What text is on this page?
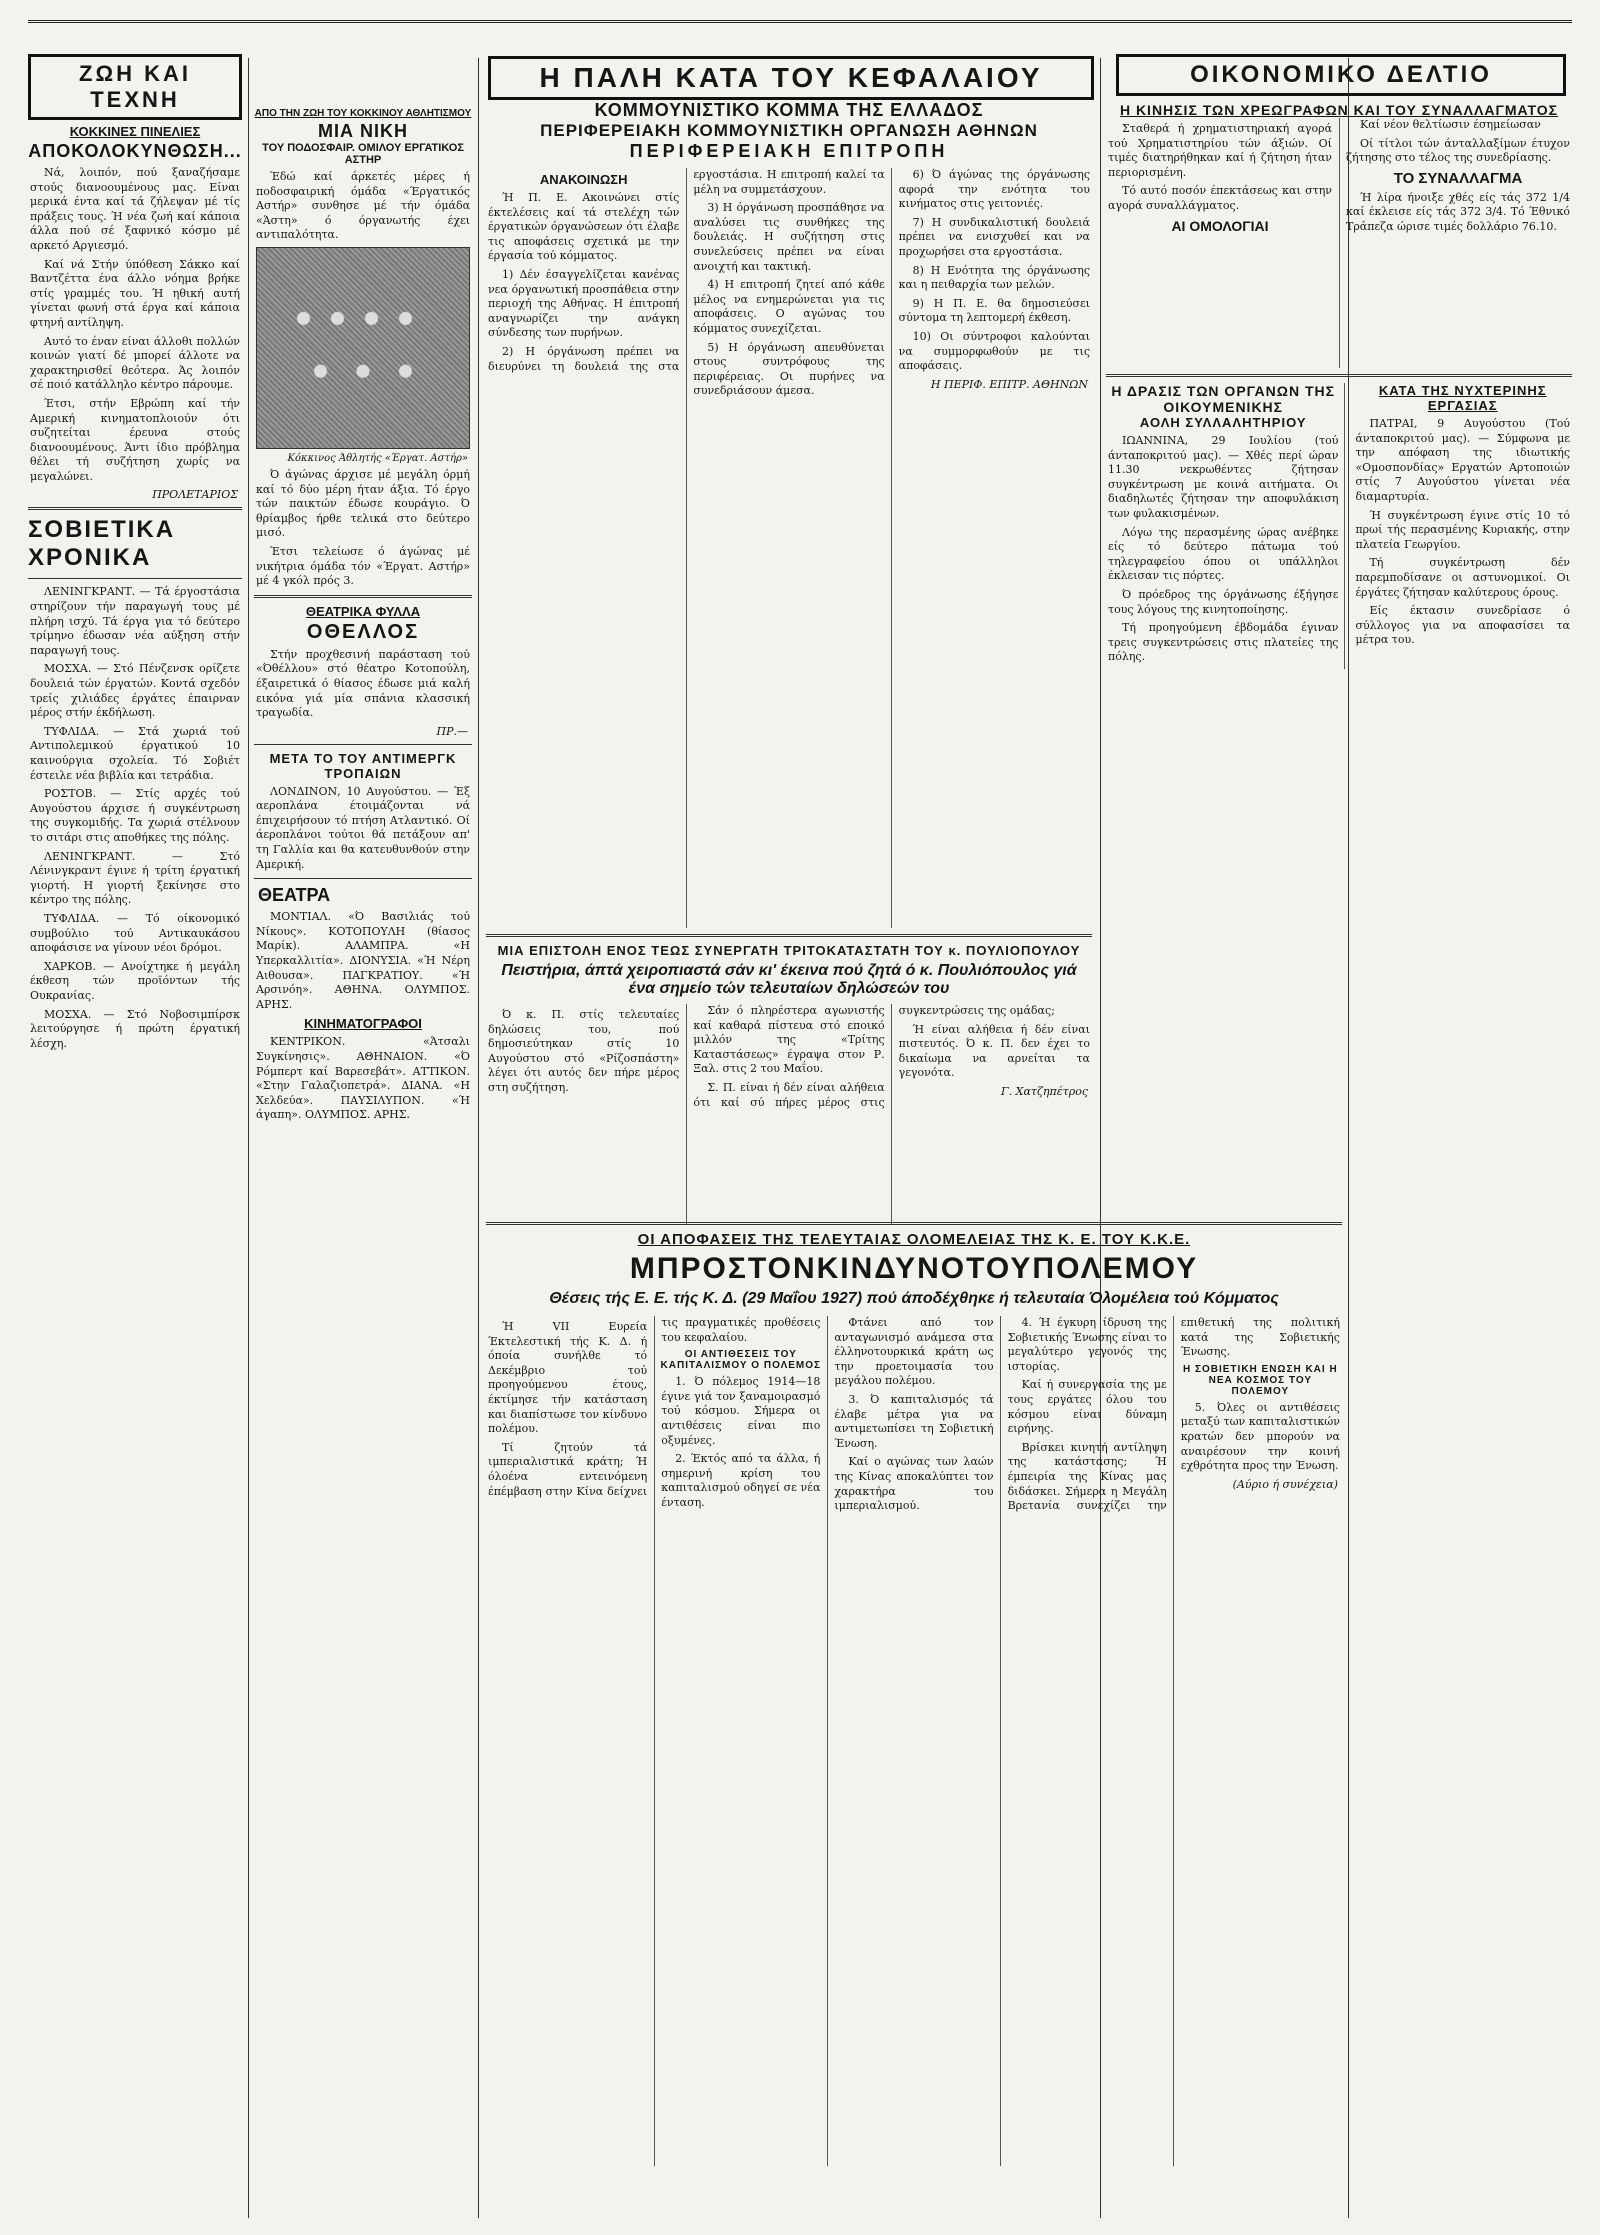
ΖΩΗ ΚΑΙ ΤΕΧΝΗ
ΚΟΚΚΙΝΕΣ ΠΙΝΕΛΙΕΣ
ΑΠΟΚΟΛΟΚΥΝΘΩΣΗ...

Νά, λοιπόν, πού ξαναζήσαμε στούς διανοουμένους μας. Είναι μερικά έντα καί τά ζήλεψαν μέ τίς πράξεις τους. Ή νέα ζωή καί κάποια άλλα πού σέ ξαφνικό κόσμο μέ αρκετό Αργιεσμό.

Καί νά Στήν ύπόθεση Σάκκο καί Βαντζέττα ένα άλλο νόημα βρήκε στίς γραμμές του. Ή ηθική αυτή γίνεται φωνή στά έργα καί κάποια φτηνή αντίληψη.

Αυτό το έναν είναι άλλοθι πολλών κοινών γιατί δέ μπορεί άλλοτε να χαρακτηρισθεί θεότερα. Άς λοιπόν σέ ποιό κατάλληλο κέντρο πάρουμε.

Έτσι, στήν Εβρώπη καί τήν Αμερική κινηματοπλοιούν ότι συζητείται έρευνα στούς διανοουμένους. Άντι ίδιο πρόβλημα θέλει τή συζήτηση χωρίς να μεγαλώνει.

ΠΡΟΛΕΤΑΡΙΟΣ
ΣΟΒΙΕΤΙΚΑ ΧΡΟΝΙΚΑ

ΛΕΝΙΝΓΚΡΑΝΤ. — Τά έργοστάσια στηρίζουν τήν παραγωγή τους μέ πλήρη ισχύ. Τά έργα για τό δεύτερο τρίμηνο έδωσαν νέα αύξηση στήν παραγωγή τους.

ΜΟΣΧΑ. — Στό Πένζενσκ ορίζετε δουλειά τών έργατών. Κοντά σχεδόν τρείς χιλιάδες έργάτες έπαιρναν μέρος στήν έκδήλωση.

ΤΥΦΛΙΔΑ. — Στά χωριά τού Αντιπολεμικού έργατικού 10 καινούργια σχολεία. Τό Σοβιέτ έστειλε νέα βιβλία και τετράδια.

ΡΟΣΤΟΒ. — Στίς αρχές τού Αυγούστου άρχισε ή συγκέντρωση της συγκομιδής. Τα χωριά στέλνουν το σιτάρι στις αποθήκες της πόλης.

ΛΕΝΙΝΓΚΡΑΝΤ. — Στό Λένινγκραντ έγινε ή τρίτη έργατική γιορτή. Η γιορτή ξεκίνησε στο κέντρο της πόλης.

ΤΥΦΛΙΔΑ. — Τό οίκονομικό συμβούλιο τού Αντικαυκάσου αποφάσισε να γίνουν νέοι δρόμοι.

ΧΑΡΚΟΒ. — Ανοίχτηκε ή μεγάλη έκθεση τών προϊόντων τής Ουκρανίας.

ΜΟΣΧΑ. — Στό Νοβοσιμπίρσκ λειτούργησε ή πρώτη έργατική λέσχη.

Η ΠΑΛΗ ΚΑΤΑ ΤΟΥ ΚΕΦΑΛΑΙΟΥ
ΑΠΟ ΤΗΝ ΖΩΗ ΤΟΥ ΚΟΚΚΙΝΟΥ ΑΘΛΗΤΙΣΜΟΥ
ΜΙΑ ΝΙΚΗ
ΤΟΥ ΠΟΔΟΣΦΑΙΡ. ΟΜΙΛΟΥ ΕΡΓΑΤΙΚΟΣ ΑΣΤΗΡ

Έδώ καί άρκετές μέρες ή ποδοσφαιρική όμάδα «Έργατικός Αστήρ» συνθησε μέ τήν όμάδα «Άστη» ό όργανωτής έχει αντιπαλότητα.

Κόκκινος Άθλητής «Έργατ. Αστήρ»

Ό άγώνας άρχισε μέ μεγάλη όρμή καί τό δύο μέρη ήταν άξια. Τό έργο τών παικτών έδωσε κουράγιο. Ό θρίαμβος ήρθε τελικά στο δεύτερο μισό.

Έτσι τελείωσε ό άγώνας μέ νικήτρια όμάδα τόν «Έργατ. Αστήρ» μέ 4 γκόλ πρός 3.

ΘΕΑΤΡΙΚΑ ΦΥΛΛΑ
ΟΘΕΛΛΟΣ

Στήν προχθεσινή παράσταση τού «Όθέλλου» στό θέατρο Κοτοπούλη, έξαιρετικά ό θίασος έδωσε μιά καλή εικόνα γιά μία σπάνια κλασσική τραγωδία.

ΠΡ.—
ΜΕΤΑ ΤΟ ΤΟΥ ΑΝΤΙΜΕΡΓΚ ΤΡΟΠΑΙΩΝ

ΛΟΝΔΙΝΟΝ, 10 Αυγούστου. — Έξ αεροπλάνα έτοιμάζονται νά έπιχειρήσουν τό πτήση Ατλαντικό. Οί άεροπλάνοι τούτοι θά πετάξουν απ' τη Γαλλία και θα κατευθυνθούν στην Αμερική.

ΘΕΑΤΡΑ

ΜΟΝΤΙΑΛ. «Ό Βασιλιάς τού Νίκους». ΚΟΤΟΠΟΥΛΗ (θίασος Μαρίκ). ΑΛΑΜΠΡΑ. «Η Υπερκαλλιτία». ΔΙΟΝΥΣΙΑ. «Ή Νέρη Αιθουσα». ΠΑΓΚΡΑΤΙΟΥ. «Ή Αρσινόη». ΑΘΗΝΑ. ΟΛΥΜΠΟΣ. ΑΡΗΣ.

ΚΙΝΗΜΑΤΟΓΡΑΦΟΙ

ΚΕΝΤΡΙΚΟΝ. «Άτσαλι Συγκίνησις». ΑΘΗΝΑΙΟΝ. «Ό Ρόμπερτ καί Βαρεσεβάτ». ΑΤΤΙΚΟΝ. «Στην Γαλαζιοπετρά». ΔΙΑΝΑ. «Η Χελδεύα». ΠΑΥΣΙΛΥΠΟΝ. «Ή άγαπη». ΟΛΥΜΠΟΣ. ΑΡΗΣ.

ΚΟΜΜΟΥΝΙΣΤΙΚΟ ΚΟΜΜΑ ΤΗΣ ΕΛΛΑΔΟΣ
ΠΕΡΙΦΕΡΕΙΑΚΗ ΚΟΜΜΟΥΝΙΣΤΙΚΗ ΟΡΓΑΝΩΣΗ ΑΘΗΝΩΝ
ΠΕΡΙΦΕΡΕΙΑΚΗ ΕΠΙΤΡΟΠΗ
ΑΝΑΚΟΙΝΩΣΗ

Ή Π. Ε. Ακοινώνει στίς έκτελέσεις καί τά στελέχη τών έργατικών όργανώσεων ότι έλαβε τις αποφάσεις σχετικά με την έργασία τού κόμματος.

1) Δέν έσαγγελίζεται κανένας νεα όργανωτική προσπάθεια στην περιοχή της Αθήνας. Η έπιτροπή αναγνωρίζει την ανάγκη σύνδεσης των πυρήνων.

2) Η όργάνωση πρέπει να διευρύνει τη δουλειά της στα εργοστάσια. Η επιτροπή καλεί τα μέλη να συμμετάσχουν.

3) Η όργάνωση προσπάθησε να αναλύσει τις συνθήκες της δουλειάς. Η συζήτηση στις συνελεύσεις πρέπει να είναι ανοιχτή και τακτική.

4) Η επιτροπή ζητεί από κάθε μέλος να ενημερώνεται για τις αποφάσεις. Ο αγώνας του κόμματος συνεχίζεται.

5) Η όργάνωση απευθύνεται στους συντρόφους της περιφέρειας. Οι πυρήνες να συνεδριάσουν άμεσα.

6) Ό άγώνας της όργάνωσης αφορά την ενότητα του κινήματος στις γειτονιές.

7) Η συνδικαλιστική δουλειά πρέπει να ενισχυθεί και να προχωρήσει στα εργοστάσια.

8) Η Ενότητα της όργάνωσης και η πειθαρχία των μελών.

9) Η Π. Ε. θα δημοσιεύσει σύντομα τη λεπτομερή έκθεση.

10) Οι σύντροφοι καλούνται να συμμορφωθούν με τις αποφάσεις.

Η ΠΕΡΙΦ. ΕΠΙΤΡ. ΑΘΗΝΩΝ
ΜΙΑ ΕΠΙΣΤΟΛΗ ΕΝΟΣ ΤΕΩΣ ΣΥΝΕΡΓΑΤΗ ΤΡΙΤΟΚΑΤΑΣΤΑΤΗ ΤΟΥ κ. ΠΟΥΛΙΟΠΟΥΛΟΥ
Πειστήρια, άπτά χειροπιαστά σάν κι' έκεινα πού ζητά ό κ. Πουλιόπουλος γιά ένα σημείο τών τελευταίων δηλώσεών του

Ό κ. Π. στίς τελευταίες δηλώσεις του, πού δημοσιεύτηκαν στίς 10 Αυγούστου στό «Ρίζοσπάστη» λέγει ότι αυτός δεν πήρε μέρος στη συζήτηση.

Σάν ό πληρέστερα αγωνιστής καί καθαρά πίστευα στό εποικό μιλλόν της «Τρίτης Καταστάσεως» έγραψα στον Ρ. Ξαλ. στις 2 του Μαΐου.

Σ. Π. είναι ή δέν είναι αλήθεια ότι καί σύ πήρες μέρος στις συγκεντρώσεις της ομάδας;

Ή είναι αλήθεια ή δέν είναι πιστευτός. Ό κ. Π. δεν έχει το δικαίωμα να αρνείται τα γεγονότα.

Γ. Χατζηπέτρος
ΟΙ ΑΠΟΦΑΣΕΙΣ ΤΗΣ ΤΕΛΕΥΤΑΙΑΣ ΟΛΟΜΕΛΕΙΑΣ ΤΗΣ Κ. Ε. ΤΟΥ Κ.Κ.Ε.
ΜΠΡΟΣΤΟΝΚΙΝΔΥΝΟΤΟΥΠΟΛΕΜΟΥ
Θέσεις τής Ε. Ε. τής Κ. Δ. (29 Μαΐου 1927) πού άποδέχθηκε ή τελευταία Όλομέλεια τού Κόμματος

Ή VII Ευρεία Έκτελεστική τής Κ. Δ. ή όποία συνήλθε τό Δεκέμβριο τού προηγούμενου έτους, έκτίμησε τήν κατάσταση και διαπίστωσε τον κίνδυνο πολέμου.

Τί ζητούν τά ιμπεριαλιστικά κράτη; Ή όλοένα εντεινόμενη έπέμβαση στην Κίνα δείχνει τις πραγματικές προθέσεις του κεφαλαίου.

ΟΙ ΑΝΤΙΘΕΣΕΙΣ ΤΟΥ ΚΑΠΙΤΑΛΙΣΜΟΥ Ο ΠΟΛΕΜΟΣ

1. Ό πόλεμος 1914—18 έγινε γιά τον ξαναμοιρασμό τού κόσμου. Σήμερα οι αντιθέσεις είναι πιο οξυμένες.

2. Έκτός από τα άλλα, ή σημερινή κρίση του καπιταλισμού οδηγεί σε νέα ένταση.

Φτάνει από τον ανταγωνισμό ανάμεσα στα έλληνοτουρκικά κράτη ως την προετοιμασία του μεγάλου πολέμου.

3. Ό καπιταλισμός τά έλαβε μέτρα για να αντιμετωπίσει τη Σοβιετική Ένωση.

Καί ο αγώνας των λαών της Κίνας αποκαλύπτει τον χαρακτήρα του ιμπεριαλισμού.

4. Ή έγκυρη ίδρυση της Σοβιετικής Ένωσης είναι το μεγαλύτερο γεγονός της ιστορίας.

Καί ή συνεργασία της με τους εργάτες όλου του κόσμου είναι δύναμη ειρήνης.

Βρίσκει κινητή αντίληψη της κατάστασης; Ή έμπειρία της Κίνας μας διδάσκει. Σήμερα η Μεγάλη Βρετανία συνεχίζει την επιθετική της πολιτική κατά της Σοβιετικής Ένωσης.

Η ΣΟΒΙΕΤΙΚΗ ΕΝΩΣΗ ΚΑΙ Η ΝΕΑ ΚΟΣΜΟΣ ΤΟΥ ΠΟΛΕΜΟΥ

5. Όλες οι αντιθέσεις μεταξύ των καπιταλιστικών κρατών δεν μπορούν να αναιρέσουν την κοινή εχθρότητα προς την Ένωση.

(Αύριο ή συνέχεια)
ΟΙΚΟΝΟΜΙΚΟ ΔΕΛΤΙΟ
Η ΚΙΝΗΣΙΣ ΤΩΝ ΧΡΕΩΓΡΑΦΩΝ ΚΑΙ ΤΟΥ ΣΥΝΑΛΛΑΓΜΑΤΟΣ

Σταθερά ή χρηματιστηριακή αγορά τού Χρηματιστηρίου τών άξιών. Οί τιμές διατηρήθηκαν καί ή ζήτηση ήταν περιορισμένη.

Τό αυτό ποσόν έπεκτάσεως και στην αγορά συναλλάγματος.

ΑΙ ΟΜΟΛΟΓΙΑΙ

Καί νέον θελτίωσιν έσημείωσαν

Οί τίτλοι τών άνταλλαξίμων έτυχον ζήτησης στο τέλος της συνεδρίασης.

ΤΟ ΣΥΝΑΛΛΑΓΜΑ

Ή λίρα ήνοιξε χθές είς τάς 372 1/4 καί έκλεισε είς τάς 372 3/4. Τό Έθνικό Τράπεζα ώρισε τιμές δολλάριο 76.10.

Η ΔΡΑΣΙΣ ΤΩΝ ΟΡΓΑΝΩΝ ΤΗΣ ΟΙΚΟΥΜΕΝΙΚΗΣ
ΑΟΛΗ ΣΥΛΛΑΛΗΤΗΡΙΟΥ

ΙΩΑΝΝΙΝΑ, 29 Ιουλίου (τού άνταποκριτού μας). — Χθές περί ώραν 11.30 νεκρωθέντες ζήτησαν συγκέντρωση με κοινά αιτήματα. Οι διαδηλωτές ζήτησαν την αποφυλάκιση των φυλακισμένων.

Λόγω της περασμένης ώρας ανέβηκε είς τό δεύτερο πάτωμα τού τηλεγραφείου όπου οι υπάλληλοι έκλεισαν τις πόρτες.

Ό πρόεδρος της όργάνωσης έξήγησε τους λόγους της κινητοποίησης.

Τή προηγούμενη έβδομάδα έγιναν τρεις συγκεντρώσεις στις πλατείες της πόλης.

ΚΑΤΑ ΤΗΣ ΝΥΧΤΕΡΙΝΗΣ ΕΡΓΑΣΙΑΣ

ΠΑΤΡΑΙ, 9 Αυγούστου (Τού άνταποκριτού μας). — Σύμφωνα με την απόφαση της ιδιωτικής «Ομοσπονδίας» Εργατών Αρτοποιών στίς 7 Αυγούστου γίνεται νέα διαμαρτυρία.

Ή συγκέντρωση έγινε στίς 10 τό πρωί τής περασμένης Κυριακής, στην πλατεία Γεωργίου.

Τή συγκέντρωση δέν παρεμποδίσανε οι αστυνομικοί. Οι έργάτες ζήτησαν καλύτερους όρους.

Είς έκτασιν συνεδρίασε ό σύλλογος για να αποφασίσει τα μέτρα του.
